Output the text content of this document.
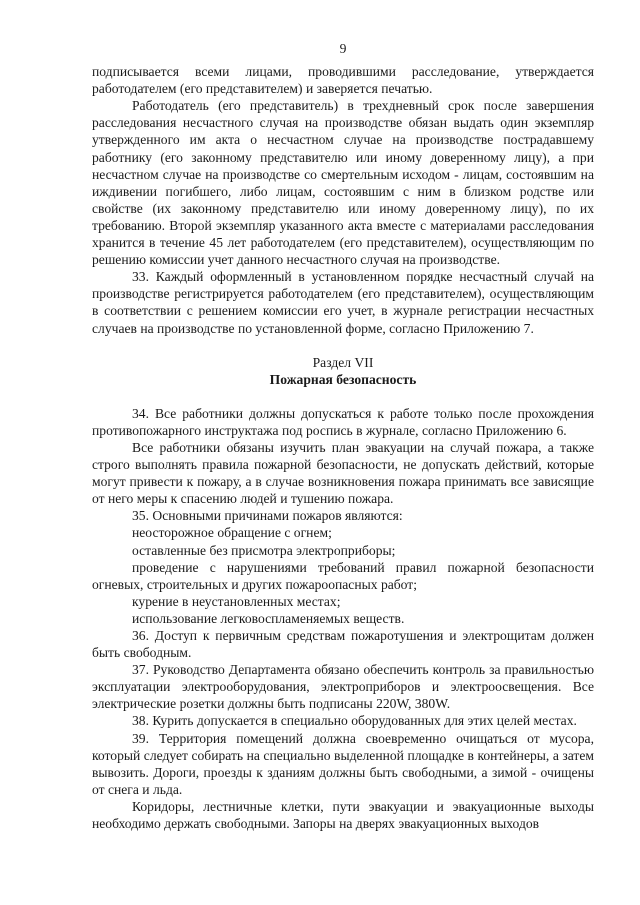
9

подписывается всеми лицами, проводившими расследование, утверждается работодателем (его представителем) и заверяется печатью.

Работодатель (его представитель) в трехдневный срок после завершения расследования несчастного случая на производстве обязан выдать один экземпляр утвержденного им акта о несчастном случае на производстве пострадавшему работнику (его законному представителю или иному доверенному лицу), а при несчастном случае на производстве со смертельным исходом - лицам, состоявшим на иждивении погибшего, либо лицам, состоявшим с ним в близком родстве или свойстве (их законному представителю или иному доверенному лицу), по их требованию. Второй экземпляр указанного акта вместе с материалами расследования хранится в течение 45 лет работодателем (его представителем), осуществляющим по решению комиссии учет данного несчастного случая на производстве.

33. Каждый оформленный в установленном порядке несчастный случай на производстве регистрируется работодателем (его представителем), осуществляющим в соответствии с решением комиссии его учет, в журнале регистрации несчастных случаев на производстве по установленной форме, согласно Приложению 7.

Раздел VII

Пожарная безопасность

34. Все работники должны допускаться к работе только после прохождения противопожарного инструктажа под роспись в журнале, согласно Приложению 6.

Все работники обязаны изучить план эвакуации на случай пожара, а также строго выполнять правила пожарной безопасности, не допускать действий, которые могут привести к пожару, а в случае возникновения пожара принимать все зависящие от него меры к спасению людей и тушению пожара.

35. Основными причинами пожаров являются:

неосторожное обращение с огнем;

оставленные без присмотра электроприборы;

проведение с нарушениями требований правил пожарной безопасности огневых, строительных и других пожароопасных работ;

курение в неустановленных местах;

использование легковоспламеняемых веществ.

36. Доступ к первичным средствам пожаротушения и электрощитам должен быть свободным.

37. Руководство Департамента обязано обеспечить контроль за правильностью эксплуатации электрооборудования, электроприборов и электроосвещения. Все электрические розетки должны быть подписаны 220W, 380W.

38. Курить допускается в специально оборудованных для этих целей местах.

39. Территория помещений должна своевременно очищаться от мусора, который следует собирать на специально выделенной площадке в контейнеры, а затем вывозить. Дороги, проезды к зданиям должны быть свободными, а зимой - очищены от снега и льда.

Коридоры, лестничные клетки, пути эвакуации и эвакуационные выходы необходимо держать свободными. Запоры на дверях эвакуационных выходов
